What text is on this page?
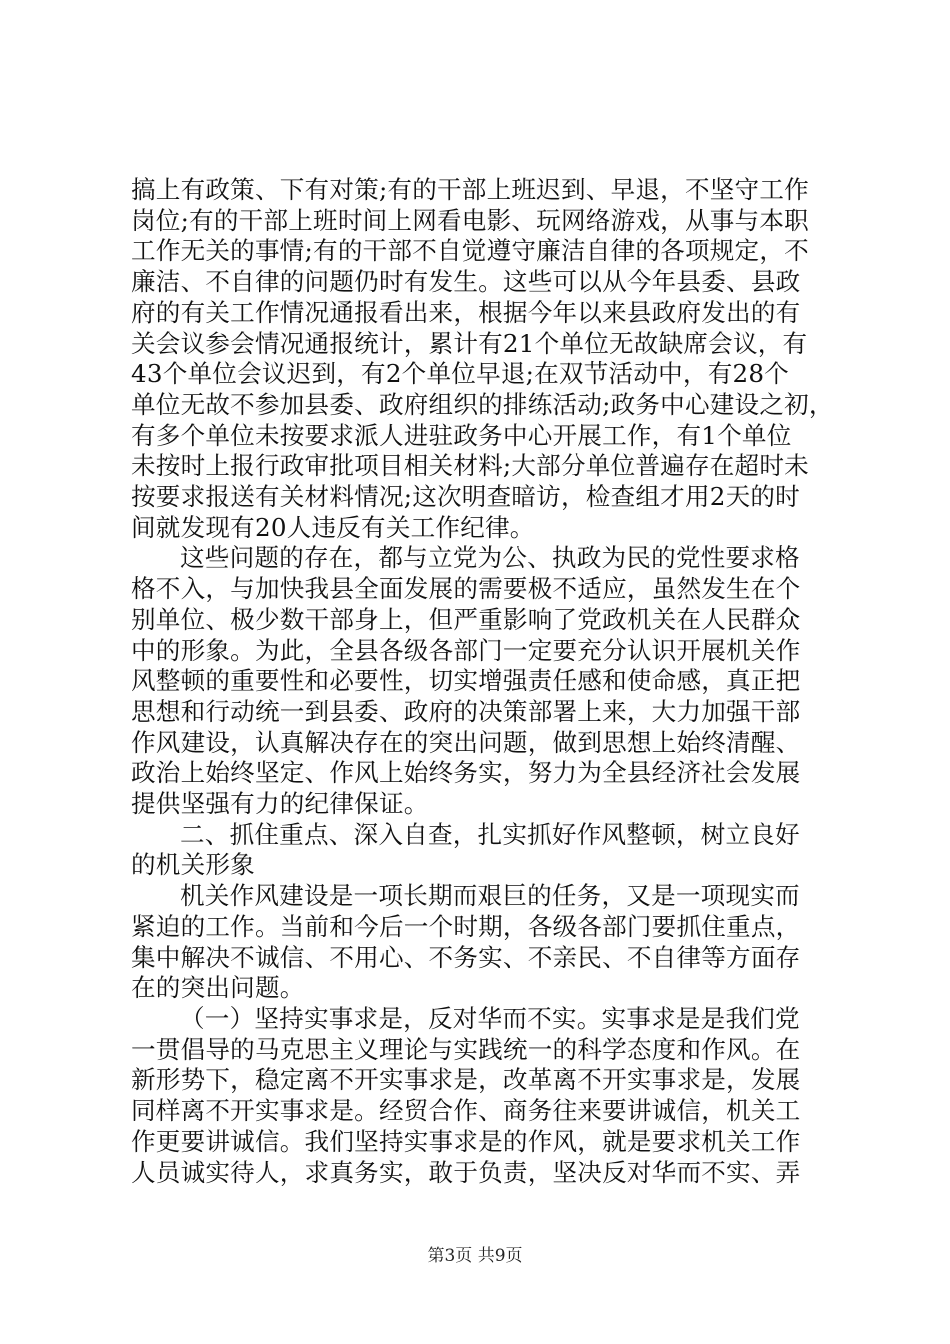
搞上有政策、下有对策;有的干部上班迟到、早退，不坚守工作
岗位;有的干部上班时间上网看电影、玩网络游戏，从事与本职
工作无关的事情;有的干部不自觉遵守廉洁自律的各项规定，不
廉洁、不自律的问题仍时有发生。这些可以从今年县委、县政
府的有关工作情况通报看出来，根据今年以来县政府发出的有
关会议参会情况通报统计，累计有21个单位无故缺席会议，有
43个单位会议迟到，有2个单位早退;在双节活动中，有28个
单位无故不参加县委、政府组织的排练活动;政务中心建设之初，
有多个单位未按要求派人进驻政务中心开展工作，有1个单位
未按时上报行政审批项目相关材料;大部分单位普遍存在超时未
按要求报送有关材料情况;这次明查暗访，检查组才用2天的时
间就发现有20人违反有关工作纪律。
这些问题的存在，都与立党为公、执政为民的党性要求格
格不入，与加快我县全面发展的需要极不适应，虽然发生在个
别单位、极少数干部身上，但严重影响了党政机关在人民群众
中的形象。为此，全县各级各部门一定要充分认识开展机关作
风整顿的重要性和必要性，切实增强责任感和使命感，真正把
思想和行动统一到县委、政府的决策部署上来，大力加强干部
作风建设，认真解决存在的突出问题，做到思想上始终清醒、
政治上始终坚定、作风上始终务实，努力为全县经济社会发展
提供坚强有力的纪律保证。
二、抓住重点、深入自查，扎实抓好作风整顿，树立良好
的机关形象
机关作风建设是一项长期而艰巨的任务，又是一项现实而
紧迫的工作。当前和今后一个时期，各级各部门要抓住重点，
集中解决不诚信、不用心、不务实、不亲民、不自律等方面存
在的突出问题。
（一）坚持实事求是，反对华而不实。实事求是是我们党
一贯倡导的马克思主义理论与实践统一的科学态度和作风。在
新形势下，稳定离不开实事求是，改革离不开实事求是，发展
同样离不开实事求是。经贸合作、商务往来要讲诚信，机关工
作更要讲诚信。我们坚持实事求是的作风，就是要求机关工作
人员诚实待人，求真务实，敢于负责，坚决反对华而不实、弄
第3页 共9页
